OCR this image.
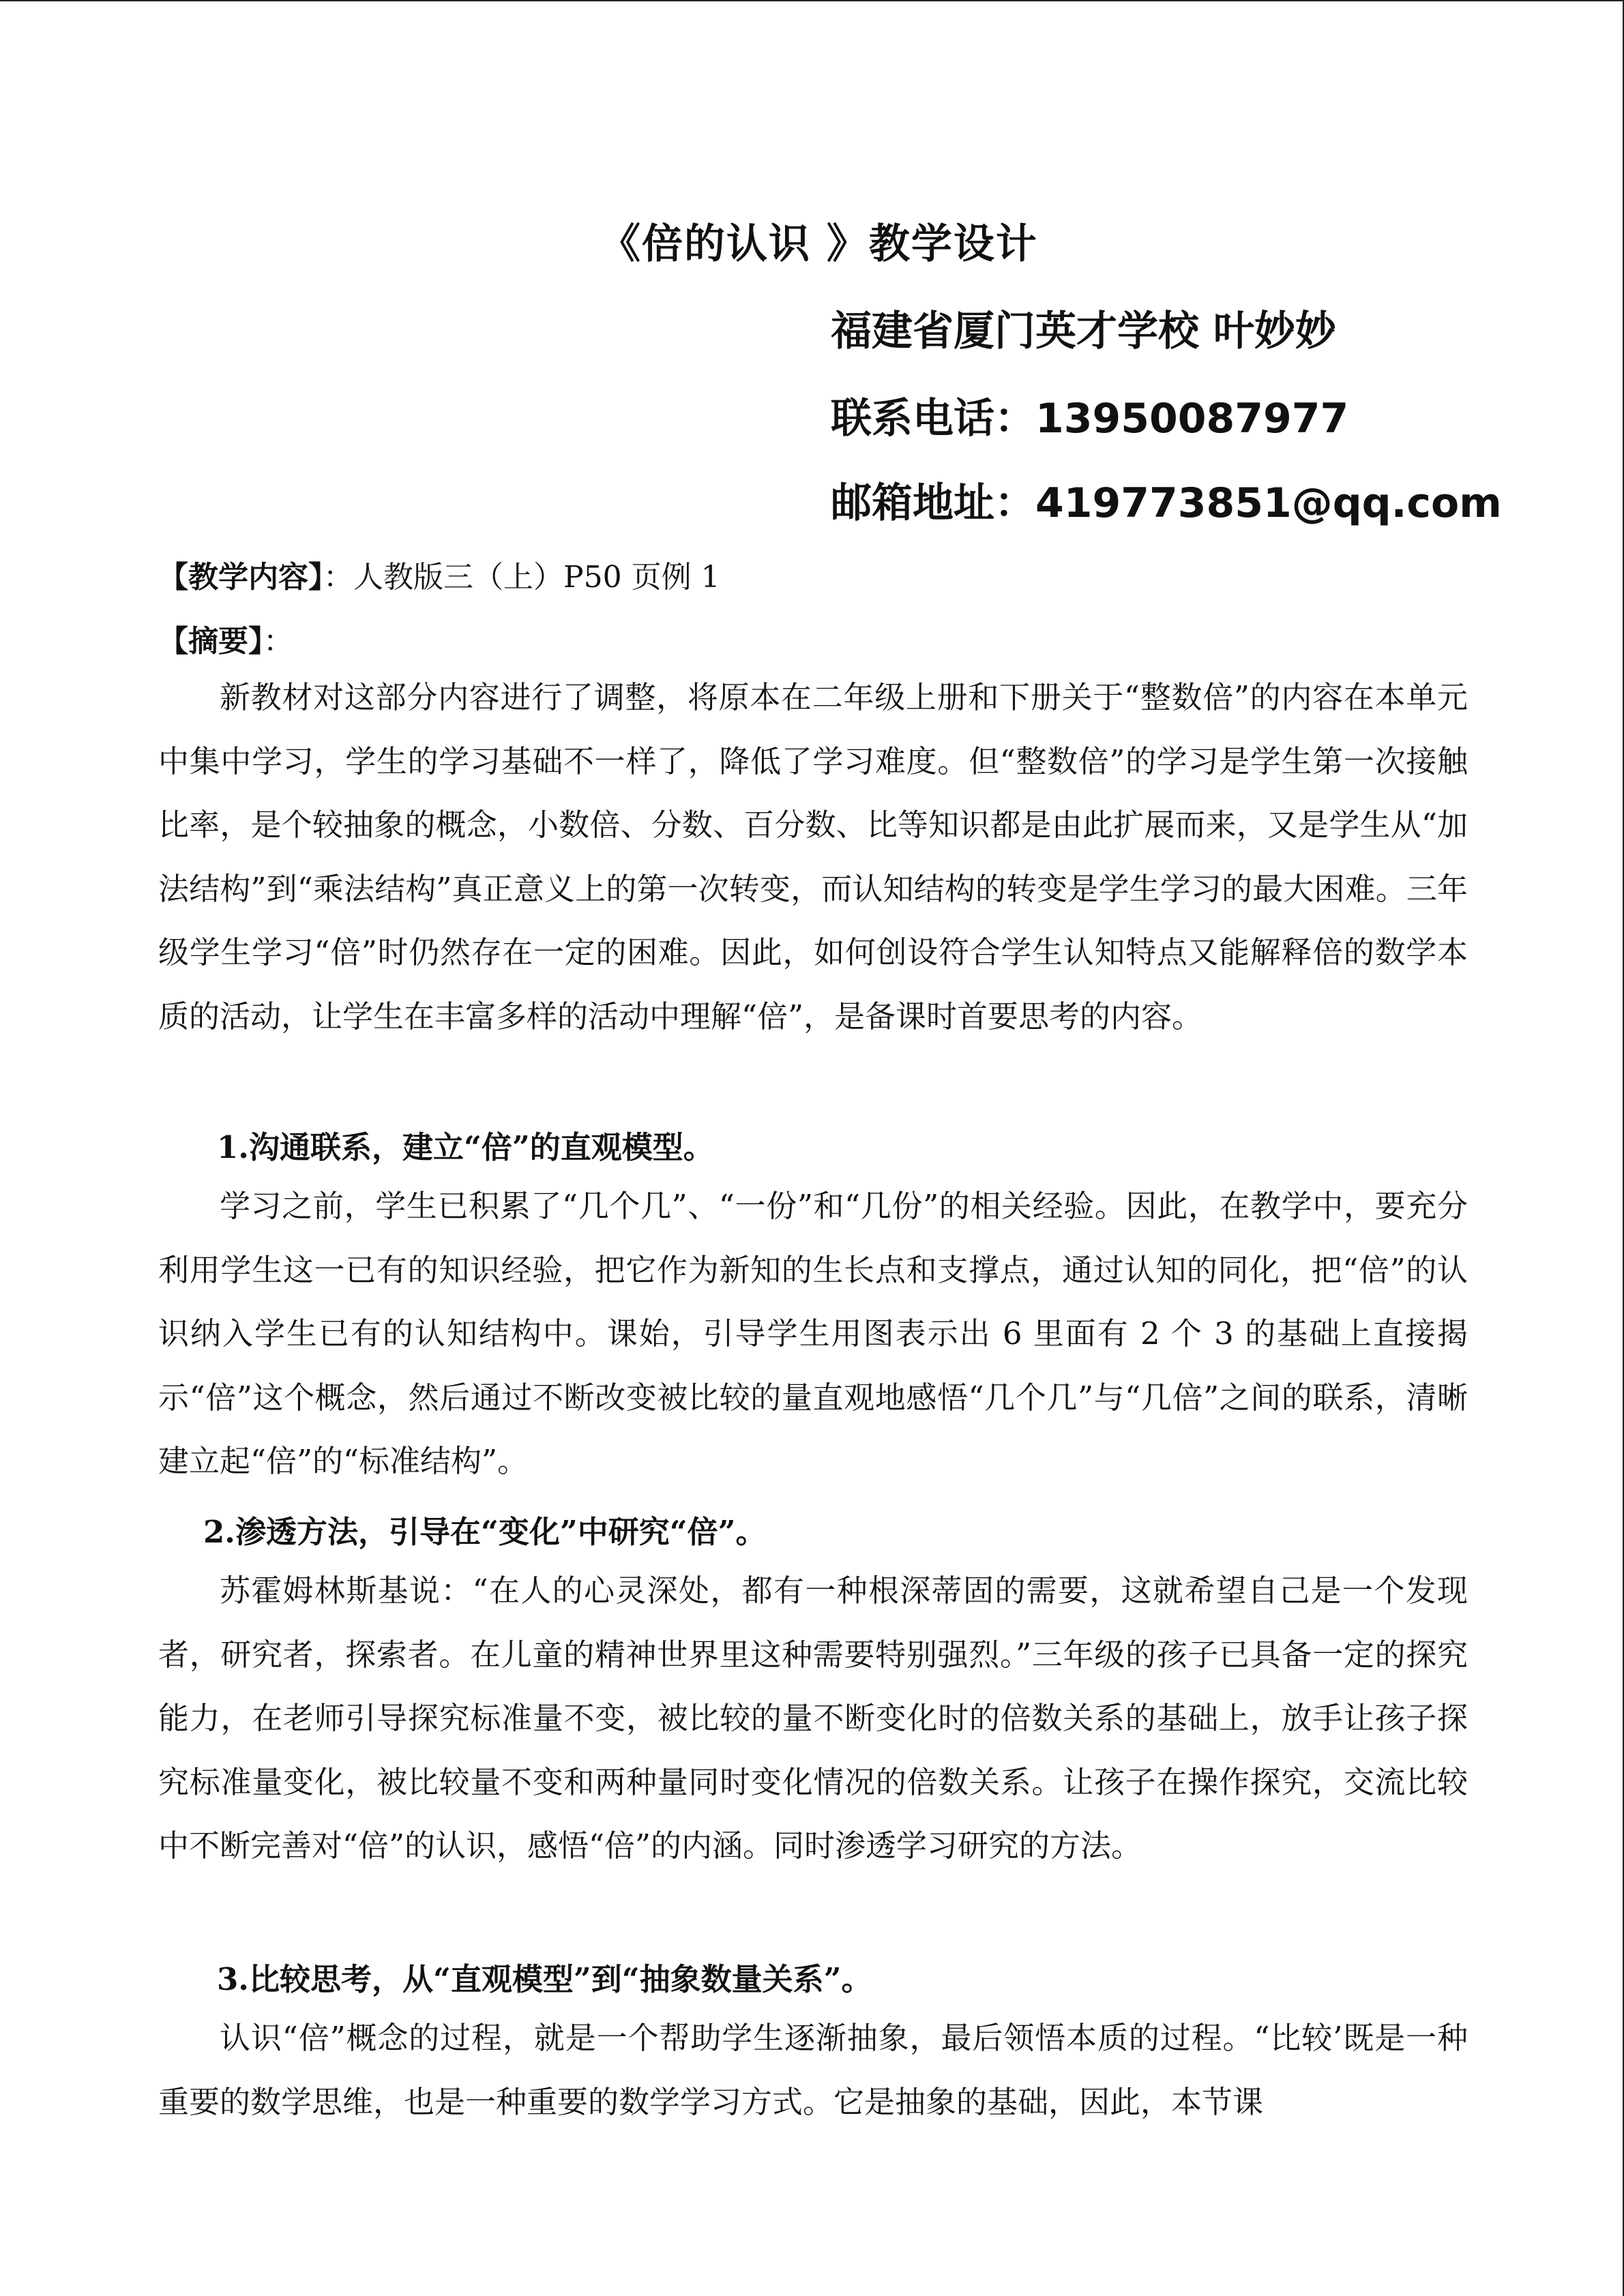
《倍的认识 》教学设计

福建省厦门英才学校 叶妙妙

联系电话：13950087977

邮箱地址：419773851@qq.com

【教学内容】：人教版三（上）P50 页例 1

【摘要】：

新教材对这部分内容进行了调整，将原本在二年级上册和下册关于“整数倍”的内容在本单元中集中学习，学生的学习基础不一样了，降低了学习难度。但“整数倍”的学习是学生第一次接触比率，是个较抽象的概念，小数倍、分数、百分数、比等知识都是由此扩展而来，又是学生从“加法结构”到“乘法结构”真正意义上的第一次转变，而认知结构的转变是学生学习的最大困难。三年级学生学习“倍”时仍然存在一定的困难。因此，如何创设符合学生认知特点又能解释倍的数学本质的活动，让学生在丰富多样的活动中理解“倍”，是备课时首要思考的内容。

1.沟通联系，建立“倍”的直观模型。

学习之前，学生已积累了“几个几”、“一份”和“几份”的相关经验。因此，在教学中，要充分利用学生这一已有的知识经验，把它作为新知的生长点和支撑点，通过认知的同化，把“倍”的认识纳入学生已有的认知结构中。课始，引导学生用图表示出 6 里面有 2 个 3 的基础上直接揭示“倍”这个概念，然后通过不断改变被比较的量直观地感悟“几个几”与“几倍”之间的联系，清晰建立起“倍”的“标准结构”。

2.渗透方法，引导在“变化”中研究“倍”。

苏霍姆林斯基说：“在人的心灵深处，都有一种根深蒂固的需要，这就希望自己是一个发现者，研究者，探索者。在儿童的精神世界里这种需要特别强烈。”三年级的孩子已具备一定的探究能力，在老师引导探究标准量不变，被比较的量不断变化时的倍数关系的基础上，放手让孩子探究标准量变化，被比较量不变和两种量同时变化情况的倍数关系。让孩子在操作探究，交流比较中不断完善对“倍”的认识，感悟“倍”的内涵。同时渗透学习研究的方法。

3.比较思考，从“直观模型”到“抽象数量关系”。

认识“倍”概念的过程，就是一个帮助学生逐渐抽象，最后领悟本质的过程。“比较’既是一种重要的数学思维，也是一种重要的数学学习方式。它是抽象的基础，因此，本节课
